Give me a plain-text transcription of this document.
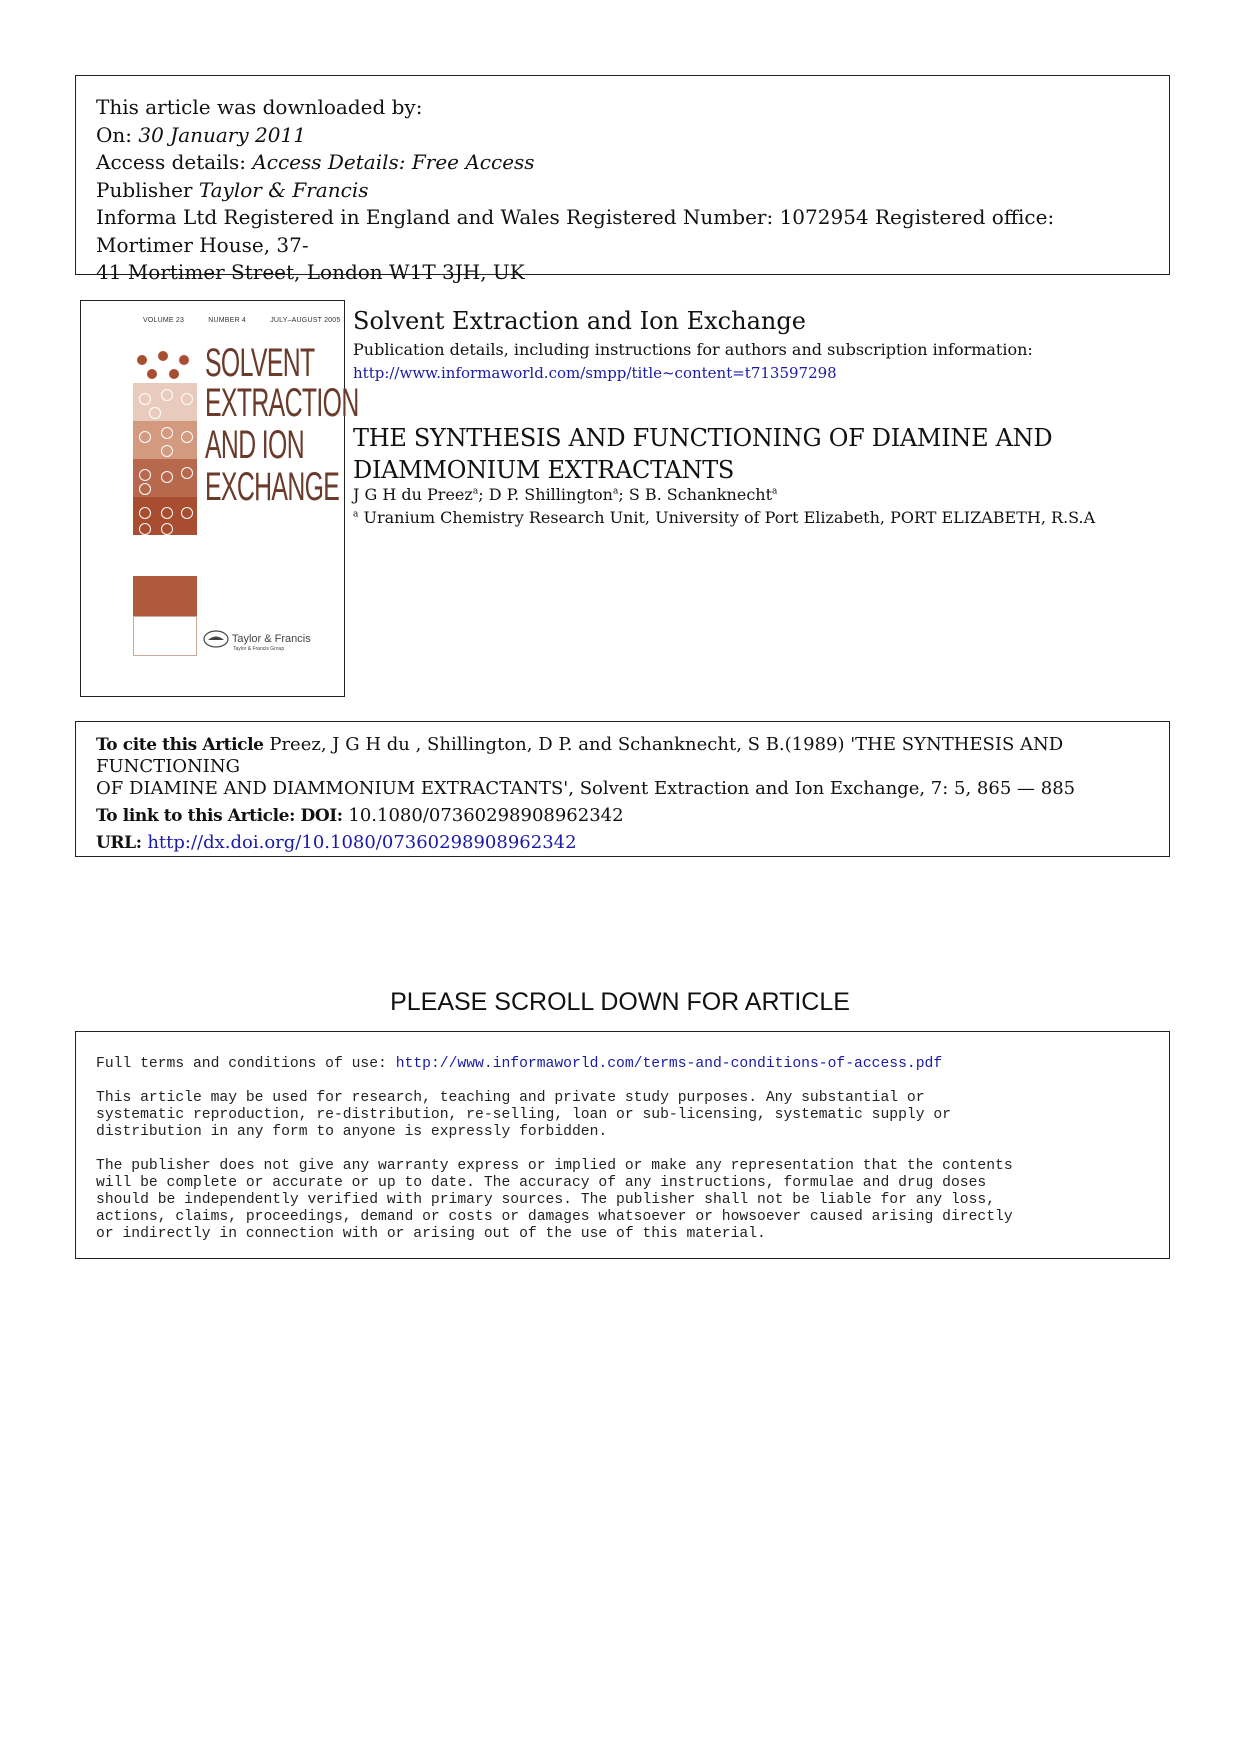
This article was downloaded by:
On: 30 January 2011
Access details: Access Details: Free Access
Publisher Taylor & Francis
Informa Ltd Registered in England and Wales Registered Number: 1072954 Registered office: Mortimer House, 37-
41 Mortimer Street, London W1T 3JH, UK
VOLUME 23	NUMBER 4	JULY–AUGUST 2005
SOLVENT
EXTRACTION
AND ION
EXCHANGE
Taylor & Francis
Taylor & Francis Group
Solvent Extraction and Ion Exchange
Publication details, including instructions for authors and subscription information:
http://www.informaworld.com/smpp/title~content=t713597298
THE SYNTHESIS AND FUNCTIONING OF DIAMINE AND
DIAMMONIUM EXTRACTANTS
J G H du Preez$^a$; D P. Shillington$^a$; S B. Schanknecht$^a$
$^a$ Uranium Chemistry Research Unit, University of Port Elizabeth, PORT ELIZABETH, R.S.A
To cite this Article Preez, J G H du , Shillington, D P. and Schanknecht, S B.(1989) 'THE SYNTHESIS AND FUNCTIONING
OF DIAMINE AND DIAMMONIUM EXTRACTANTS', Solvent Extraction and Ion Exchange, 7: 5, 865 — 885
To link to this Article: DOI: 10.1080/07360298908962342
URL: http://dx.doi.org/10.1080/07360298908962342
PLEASE SCROLL DOWN FOR ARTICLE

Full terms and conditions of use: http://www.informaworld.com/terms-and-conditions-of-access.pdf

This article may be used for research, teaching and private study purposes. Any substantial or
systematic reproduction, re-distribution, re-selling, loan or sub-licensing, systematic supply or
distribution in any form to anyone is expressly forbidden.

The publisher does not give any warranty express or implied or make any representation that the contents
will be complete or accurate or up to date. The accuracy of any instructions, formulae and drug doses
should be independently verified with primary sources. The publisher shall not be liable for any loss,
actions, claims, proceedings, demand or costs or damages whatsoever or howsoever caused arising directly
or indirectly in connection with or arising out of the use of this material.
